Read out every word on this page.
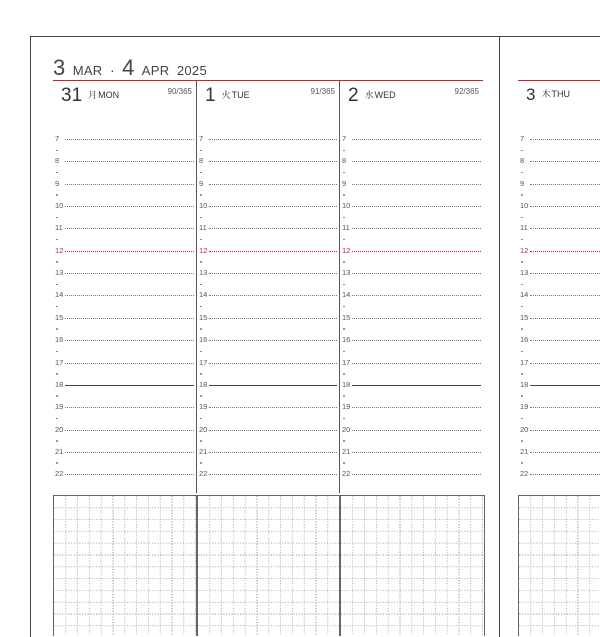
3 MAR · 4 APR 2025
31 月MON	90/365
7
8
9
10
11
12
13
14
15
16
17
18
19
20
21
22
1 火TUE	91/365
7
8
9
10
11
12
13
14
15
16
17
18
19
20
21
22
2 水WED	92/365
7
8
9
10
11
12
13
14
15
16
17
18
19
20
21
22
3 木THU
7
8
9
10
11
12
13
14
15
16
17
18
19
20
21
22
